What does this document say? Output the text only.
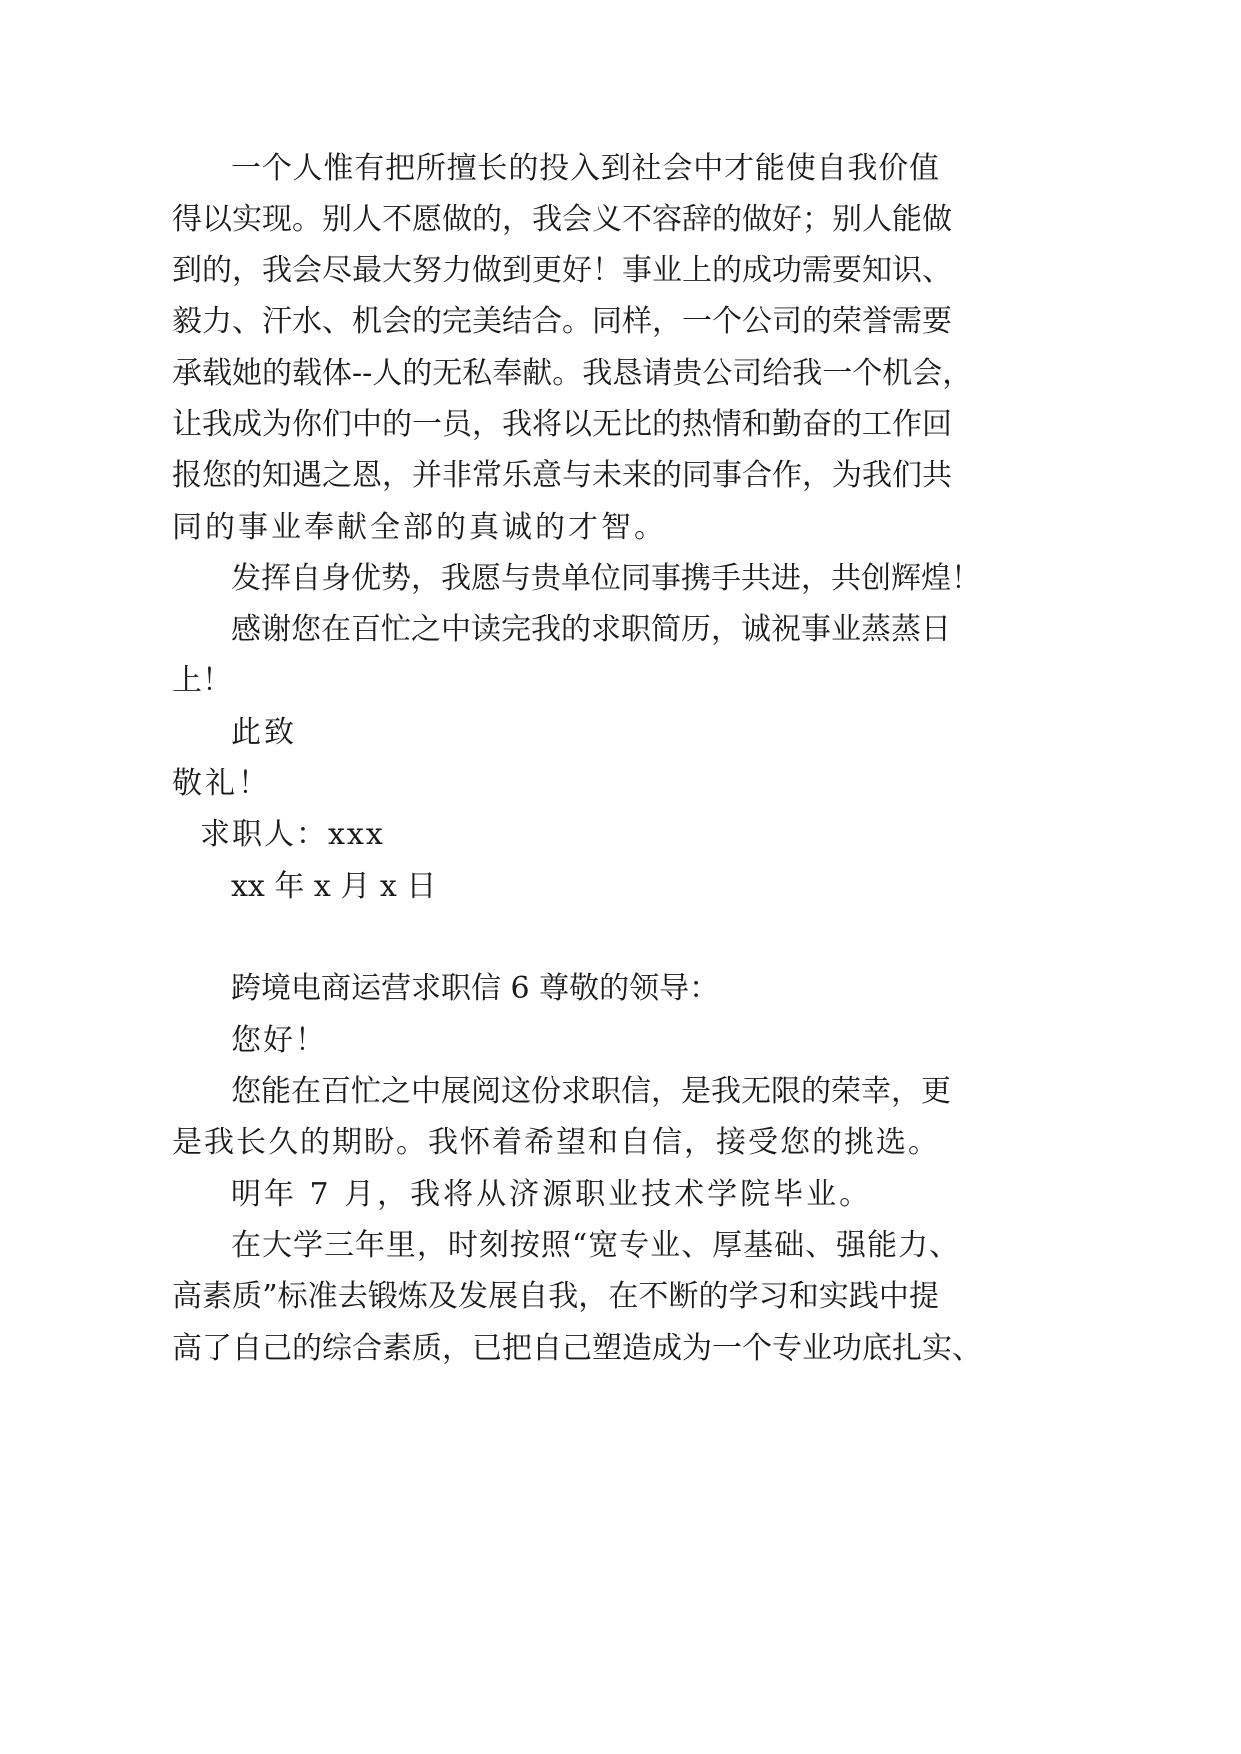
一个人惟有把所擅长的投入到社会中才能使自我价值
得以实现。别人不愿做的，我会义不容辞的做好；别人能做
到的，我会尽最大努力做到更好！事业上的成功需要知识、
毅力、汗水、机会的完美结合。同样，一个公司的荣誉需要
承载她的载体--人的无私奉献。我恳请贵公司给我一个机会，
让我成为你们中的一员，我将以无比的热情和勤奋的工作回
报您的知遇之恩，并非常乐意与未来的同事合作，为我们共
同的事业奉献全部的真诚的才智。
发挥自身优势，我愿与贵单位同事携手共进，共创辉煌！
感谢您在百忙之中读完我的求职简历，诚祝事业蒸蒸日
上！
此致
敬礼！
求职人：xxx
xx 年 x 月 x 日
跨境电商运营求职信 6 尊敬的领导：
您好！
您能在百忙之中展阅这份求职信，是我无限的荣幸，更
是我长久的期盼。我怀着希望和自信，接受您的挑选。
明年 7 月，我将从济源职业技术学院毕业。
在大学三年里，时刻按照“宽专业、厚基础、强能力、
高素质”标准去锻炼及发展自我，在不断的学习和实践中提
高了自己的综合素质，已把自己塑造成为一个专业功底扎实、
